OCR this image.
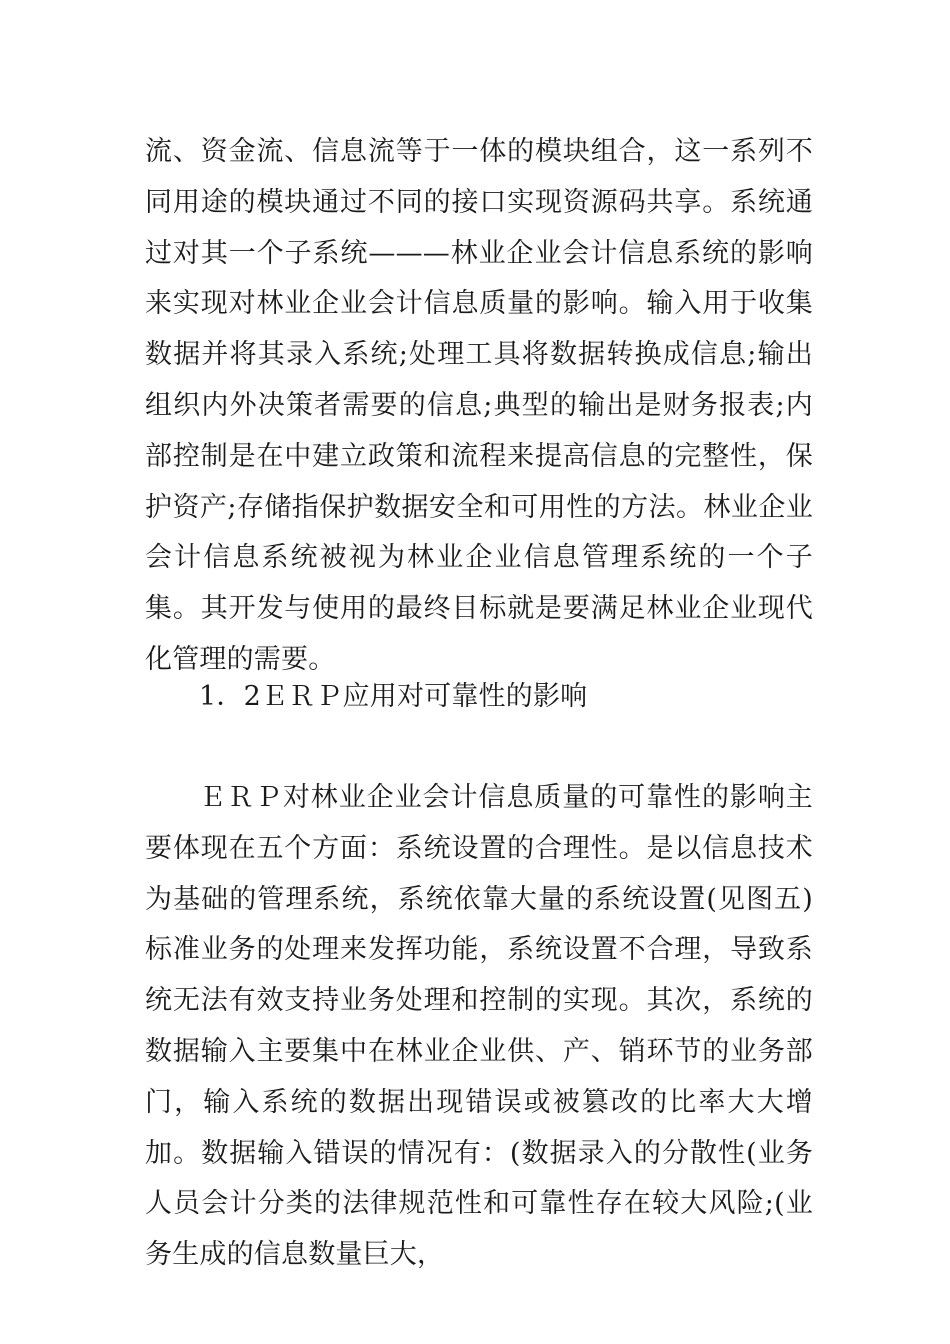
流、资金流、信息流等于一体的模块组合，这一系列不同用途的模块通过不同的接口实现资源码共享。系统通过对其一个子系统———林业企业会计信息系统的影响来实现对林业企业会计信息质量的影响。输入用于收集数据并将其录入系统;处理工具将数据转换成信息;输出组织内外决策者需要的信息;典型的输出是财务报表;内部控制是在中建立政策和流程来提高信息的完整性，保护资产;存储指保护数据安全和可用性的方法。林业企业会计信息系统被视为林业企业信息管理系统的一个子集。其开发与使用的最终目标就是要满足林业企业现代化管理的需要。

1．2ＥＲＰ应用对可靠性的影响

ＥＲＰ对林业企业会计信息质量的可靠性的影响主要体现在五个方面：系统设置的合理性。是以信息技术为基础的管理系统，系统依靠大量的系统设置(见图五)标准业务的处理来发挥功能，系统设置不合理，导致系统无法有效支持业务处理和控制的实现。其次，系统的数据输入主要集中在林业企业供、产、销环节的业务部门，输入系统的数据出现错误或被篡改的比率大大增加。数据输入错误的情况有：(数据录入的分散性(业务人员会计分类的法律规范性和可靠性存在较大风险;(业务生成的信息数量巨大，
